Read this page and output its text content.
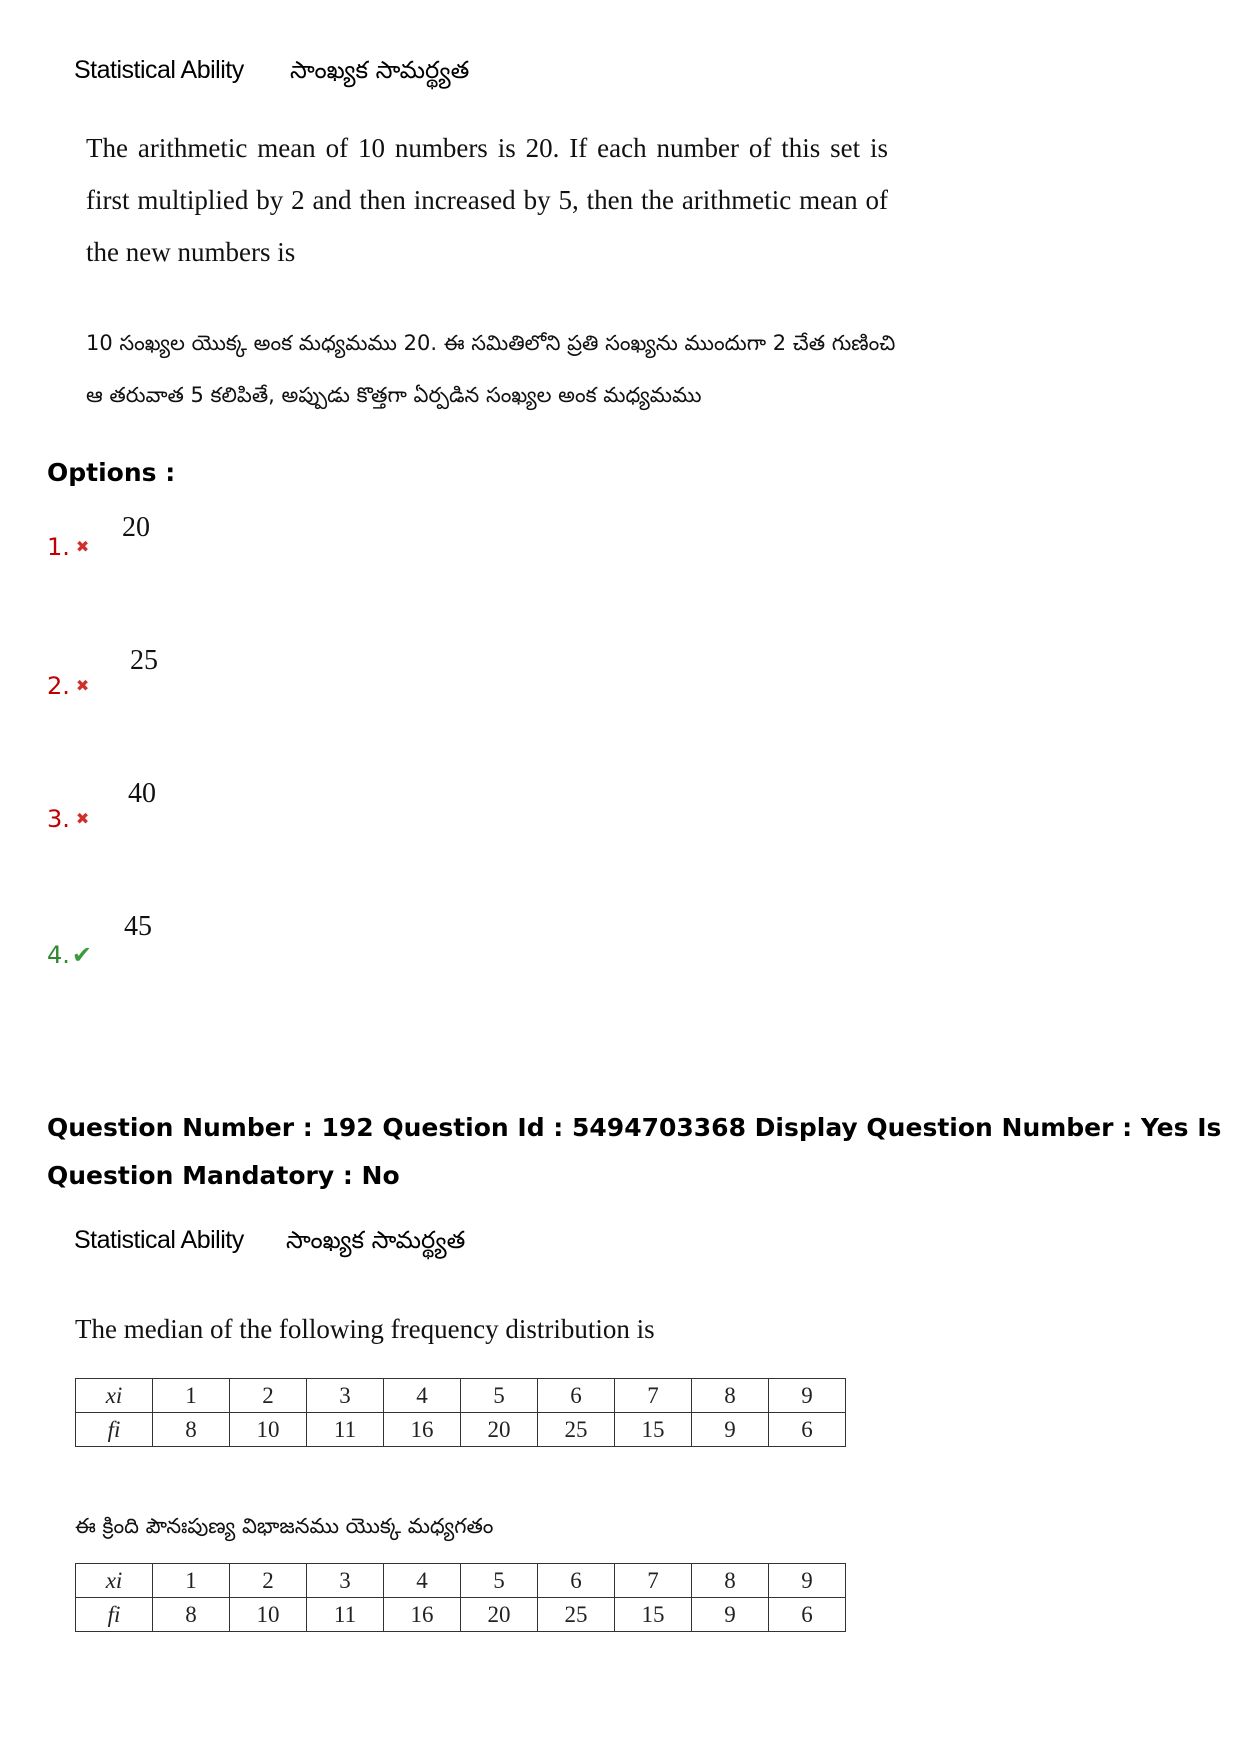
Statistical Ability సాంఖ్యక సామర్థ్యత
The arithmetic mean of 10 numbers is 20. If each number of this set is first multiplied by 2 and then increased by 5, then the arithmetic mean of the new numbers is
10 సంఖ్యల యొక్క అంక మధ్యమము 20. ఈ సమితిలోని ప్రతి సంఖ్యను ముందుగా 2 చేత గుణించి ఆ తరువాత 5 కలిపితే, అప్పుడు కొత్తగా ఏర్పడిన సంఖ్యల అంక మధ్యమము
Options :
1. ✖
20
2. ✖
25
3. ✖
40
4.✔
45
Question Number : 192 Question Id : 5494703368 Display Question Number : Yes Is Question Mandatory : No
Statistical Ability సాంఖ్యక సామర్థ్యత
The median of the following frequency distribution is
xi	1	2	3	4	5	6	7	8	9
fi	8	10	11	16	20	25	15	9	6
ఈ క్రింది పౌనఃపుణ్య విభాజనము యొక్క మధ్యగతం
xi	1	2	3	4	5	6	7	8	9
fi	8	10	11	16	20	25	15	9	6
